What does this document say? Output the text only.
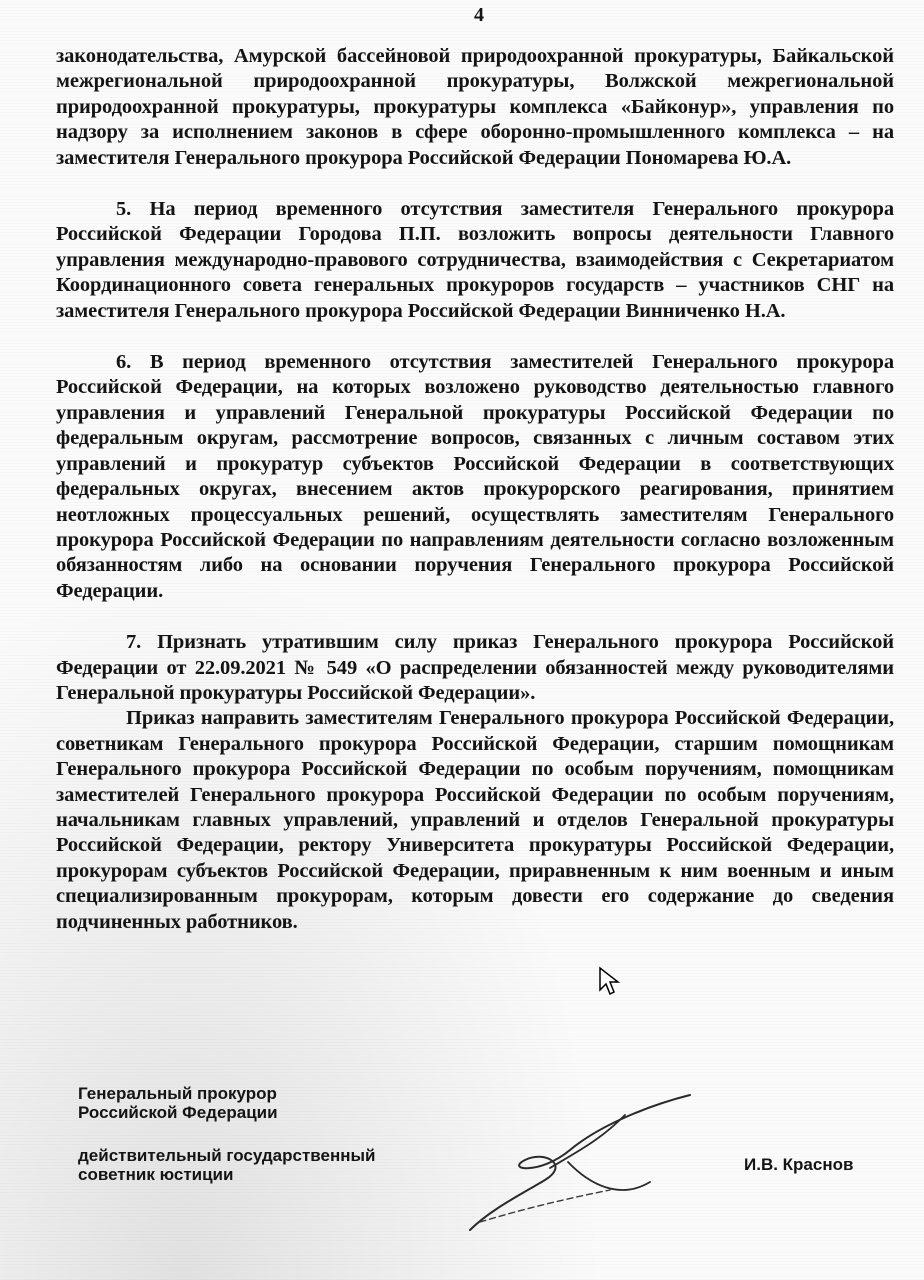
4

законодательства, Амурской бассейновой природоохранной прокуратуры, Байкальской межрегиональной природоохранной прокуратуры, Волжской межрегиональной природоохранной прокуратуры, прокуратуры комплекса «Байконур», управления по надзору за исполнением законов в сфере оборонно-промышленного комплекса – на заместителя Генерального прокурора Российской Федерации Пономарева Ю.А.

5. На период временного отсутствия заместителя Генерального прокурора Российской Федерации Городова П.П. возложить вопросы деятельности Главного управления международно-правового сотрудничества, взаимодействия с Секретариатом Координационного совета генеральных прокуроров государств – участников СНГ на заместителя Генерального прокурора Российской Федерации Винниченко Н.А.

6. В период временного отсутствия заместителей Генерального прокурора Российской Федерации, на которых возложено руководство деятельностью главного управления и управлений Генеральной прокуратуры Российской Федерации по федеральным округам, рассмотрение вопросов, связанных с личным составом этих управлений и прокуратур субъектов Российской Федерации в соответствующих федеральных округах, внесением актов прокурорского реагирования, принятием неотложных процессуальных решений, осуществлять заместителям Генерального прокурора Российской Федерации по направлениям деятельности согласно возложенным обязанностям либо на основании поручения Генерального прокурора Российской Федерации.

7. Признать утратившим силу приказ Генерального прокурора Российской Федерации от 22.09.2021 № 549 «О распределении обязанностей между руководителями Генеральной прокуратуры Российской Федерации».

Приказ направить заместителям Генерального прокурора Российской Федерации, советникам Генерального прокурора Российской Федерации, старшим помощникам Генерального прокурора Российской Федерации по особым поручениям, помощникам заместителей Генерального прокурора Российской Федерации по особым поручениям, начальникам главных управлений, управлений и отделов Генеральной прокуратуры Российской Федерации, ректору Университета прокуратуры Российской Федерации, прокурорам субъектов Российской Федерации, приравненным к ним военным и иным специализированным прокурорам, которым довести его содержание до сведения подчиненных работников.

Генеральный прокурор
Российской Федерации
действительный государственный
советник юстиции
И.В. Краснов
